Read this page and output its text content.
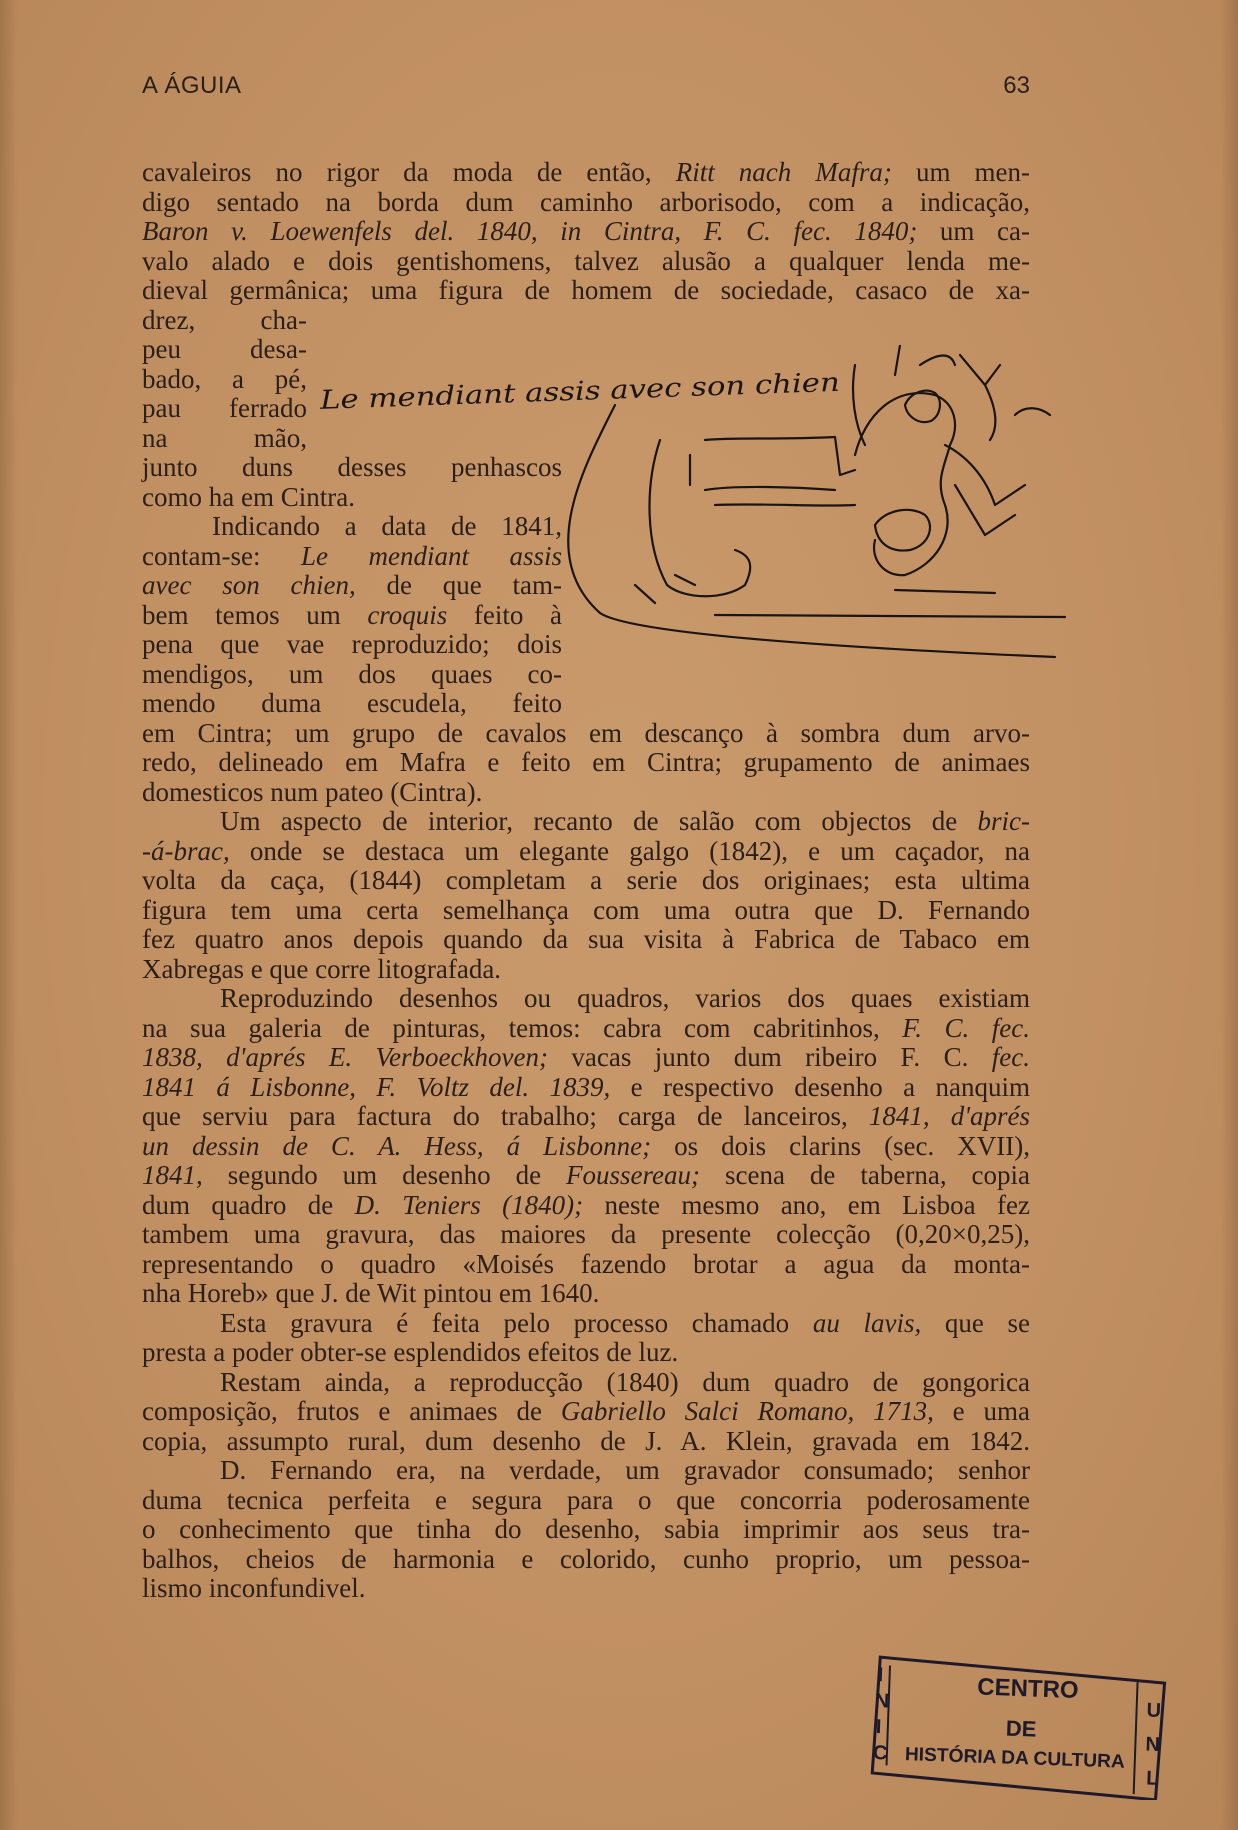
A ÁGUIA	63
cavaleiros no rigor da moda de então, Ritt nach Mafra; um men-
digo sentado na borda dum caminho arborisodo, com a indicação,
Baron v. Loewenfels del. 1840, in Cintra, F. C. fec. 1840; um ca-
valo alado e dois gentishomens, talvez alusão a qualquer lenda me-
dieval germânica; uma figura de homem de sociedade, casaco de xa-
drez, cha-
peu desa-
bado, a pé,
pau ferrado
na mão,
junto duns desses penhascos
como ha em Cintra.
Indicando a data de 1841,
contam-se: Le mendiant assis
avec son chien, de que tam-
bem temos um croquis feito à
pena que vae reproduzido; dois
mendigos, um dos quaes co-
mendo duma escudela, feito
em Cintra; um grupo de cavalos em descanço à sombra dum arvo-
redo, delineado em Mafra e feito em Cintra; grupamento de animaes
domesticos num pateo (Cintra).
Um aspecto de interior, recanto de salão com objectos de bric-
-á-brac, onde se destaca um elegante galgo (1842), e um caçador, na
volta da caça, (1844) completam a serie dos originaes; esta ultima
figura tem uma certa semelhança com uma outra que D. Fernando
fez quatro anos depois quando da sua visita à Fabrica de Tabaco em
Xabregas e que corre litografada.
Reproduzindo desenhos ou quadros, varios dos quaes existiam
na sua galeria de pinturas, temos: cabra com cabritinhos, F. C. fec.
1838, d'aprés E. Verboeckhoven; vacas junto dum ribeiro F. C. fec.
1841 á Lisbonne, F. Voltz del. 1839, e respectivo desenho a nanquim
que serviu para factura do trabalho; carga de lanceiros, 1841, d'aprés
un dessin de C. A. Hess, á Lisbonne; os dois clarins (sec. XVII),
1841, segundo um desenho de Foussereau; scena de taberna, copia
dum quadro de D. Teniers (1840); neste mesmo ano, em Lisboa fez
tambem uma gravura, das maiores da presente colecção (0,20×0,25),
representando o quadro «Moisés fazendo brotar a agua da monta-
nha Horeb» que J. de Wit pintou em 1640.
Esta gravura é feita pelo processo chamado au lavis, que se
presta a poder obter-se esplendidos efeitos de luz.
Restam ainda, a reproducção (1840) dum quadro de gongorica
composição, frutos e animaes de Gabriello Salci Romano, 1713, e uma
copia, assumpto rural, dum desenho de J. A. Klein, gravada em 1842.
D. Fernando era, na verdade, um gravador consumado; senhor
duma tecnica perfeita e segura para o que concorria poderosamente
o conhecimento que tinha do desenho, sabia imprimir aos seus tra-
balhos, cheios de harmonia e colorido, cunho proprio, um pessoa-
lismo inconfundivel.
Le mendiant assis avec son chien
I
N
I
C
CENTRO
DE
HISTÓRIA DA CULTURA
U
N
L
